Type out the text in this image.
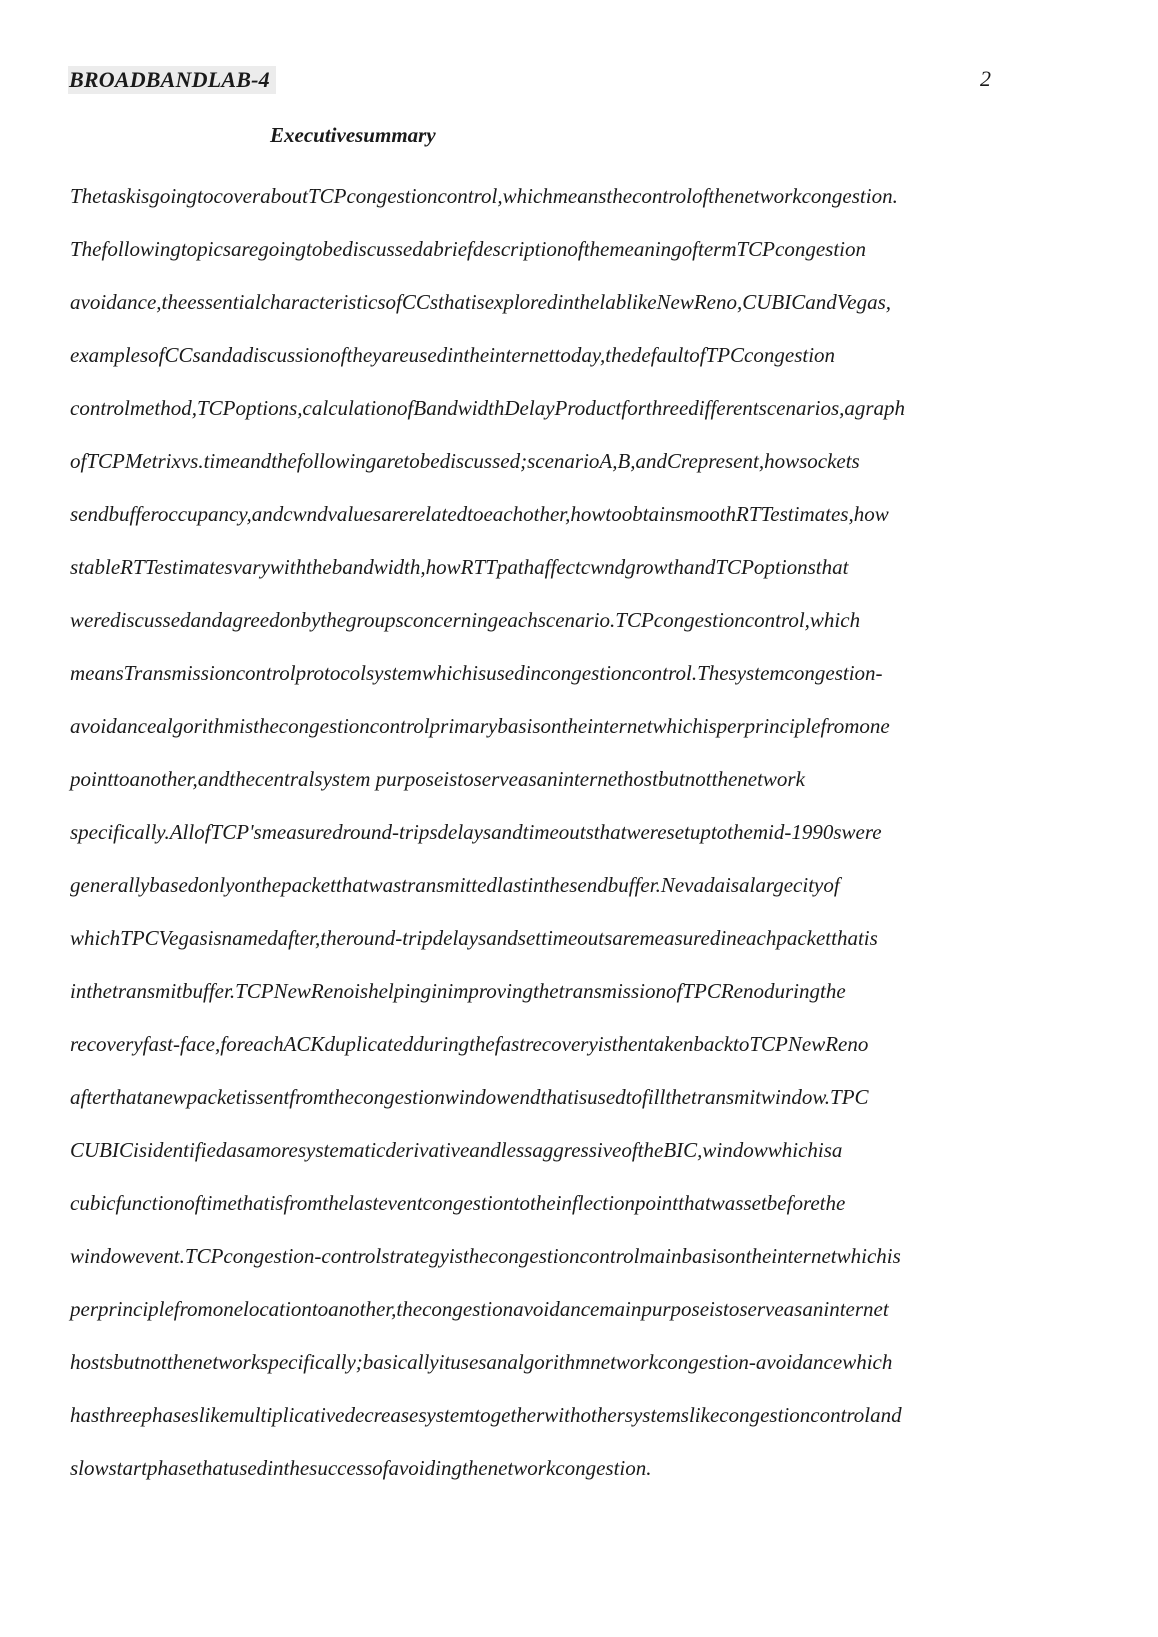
BROADBANDLAB-4	2
Executivesummary
ThetaskisgoingtocoveraboutTCPcongestioncontrol,whichmeansthecontrolofthenetworkcongestion.
ThefollowingtopicsaregoingtobediscussedabriefdescriptionofthemeaningoftermTCPcongestion
avoidance,theessentialcharacteristicsofCCsthatisexploredinthelablikeNewReno,CUBICandVegas,
examplesofCCsandadiscussionoftheyareusedintheinternettoday,thedefaultofTPCcongestion
controlmethod,TCPoptions,calculationofBandwidthDelayProductforthreedifferentscenarios,agraph
ofTCPMetrixvs.timeandthefollowingaretobediscussed;scenarioA,B,andCrepresent,howsockets
sendbufferoccupancy,andcwndvaluesarerelatedtoeachother,howtoobtainsmoothRTTestimates,how
stableRTTestimatesvarywiththebandwidth,howRTTpathaffectcwndgrowthandTCPoptionsthat
werediscussedandagreedonbythegroupsconcerningeachscenario.TCPcongestioncontrol,which
meansTransmissioncontrolprotocolsystemwhichisusedincongestioncontrol.Thesystemcongestion-
avoidancealgorithmisthecongestioncontrolprimarybasisontheinternetwhichisperprinciplefromone
pointtoanother,andthecentralsystem purposeistoserveasaninternethostbutnotthenetwork
specifically.AllofTCP'smeasuredround-tripsdelaysandtimeoutsthatweresetuptothemid-1990swere
generallybasedonlyonthepacketthatwastransmittedlastinthesendbuffer.Nevadaisalargecityof
whichTPCVegasisnamedafter,theround-tripdelaysandsettimeoutsaremeasuredineachpacketthatis
inthetransmitbuffer.TCPNewRenoishelpinginimprovingthetransmissionofTPCRenoduringthe
recoveryfast-face,foreachACKduplicatedduringthefastrecoveryisthentakenbacktoTCPNewReno
afterthatanewpacketissentfromthecongestionwindowendthatisusedtofillthetransmitwindow.TPC
CUBICisidentifiedasamoresystematicderivativeandlessaggressiveoftheBIC,windowwhichisa
cubicfunctionoftimethatisfromthelasteventcongestiontotheinflectionpointthatwassetbeforethe
windowevent.TCPcongestion-controlstrategyisthecongestioncontrolmainbasisontheinternetwhichis
perprinciplefromonelocationtoanother,thecongestionavoidancemainpurposeistoserveasaninternet
hostsbutnotthenetworkspecifically;basicallyitusesanalgorithmnetworkcongestion-avoidancewhich
hasthreephaseslikemultiplicativedecreasesystemtogetherwithothersystemslikecongestioncontroland
slowstartphasethatusedinthesuccessofavoidingthenetworkcongestion.
